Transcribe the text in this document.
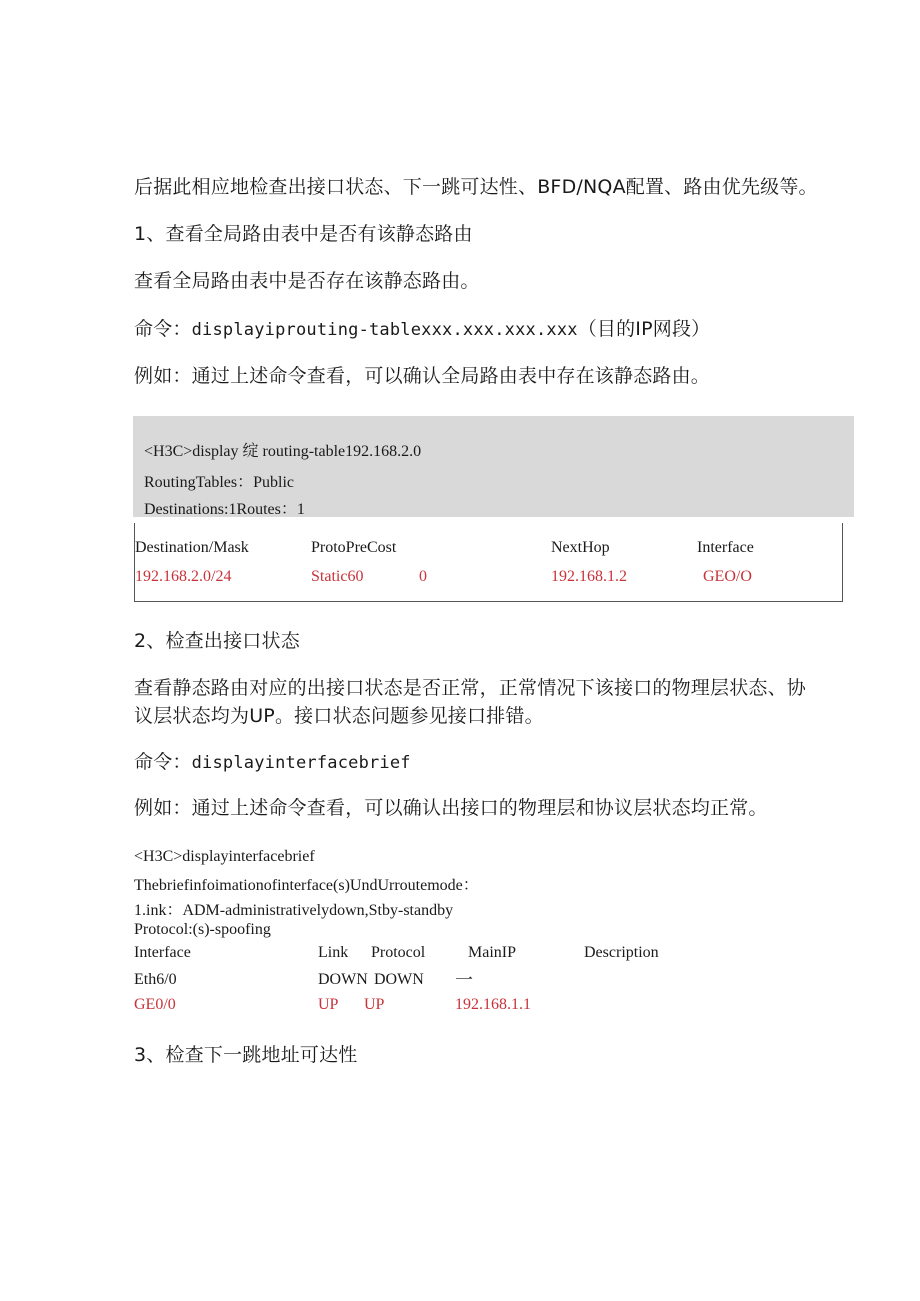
后据此相应地检查出接口状态、下一跳可达性、BFD/NQA配置、路由优先级等。
1、查看全局路由表中是否有该静态路由
查看全局路由表中是否存在该静态路由。
命令：displayiprouting-tablexxx.xxx.xxx.xxx（目的IP网段）
例如：通过上述命令查看，可以确认全局路由表中存在该静态路由。
<H3C>display 绽 routing-table192.168.2.0
RoutingTables：Public
Destinations:1Routes：1
Destination/Mask	ProtoPreCost	NextHop	Interface
192.168.2.0/24	Static60	0	192.168.1.2	GEO/O
2、检查出接口状态
查看静态路由对应的出接口状态是否正常，正常情况下该接口的物理层状态、协
议层状态均为UP。接口状态问题参见接口排错。
命令：displayinterfacebrief
例如：通过上述命令查看，可以确认出接口的物理层和协议层状态均正常。
<H3C>displayinterfacebrief
Thebriefinfoimationofinterface(s)UndUrroutemode：
1.ink：ADM-administrativelydown,Stby-standby
Protocol:(s)-spoofing
Interface	Link Protocol	MainIP	Description
Eth6/0	DOWN DOWN 一
GE0/0	UP UP	192.168.1.1
3、检查下一跳地址可达性
